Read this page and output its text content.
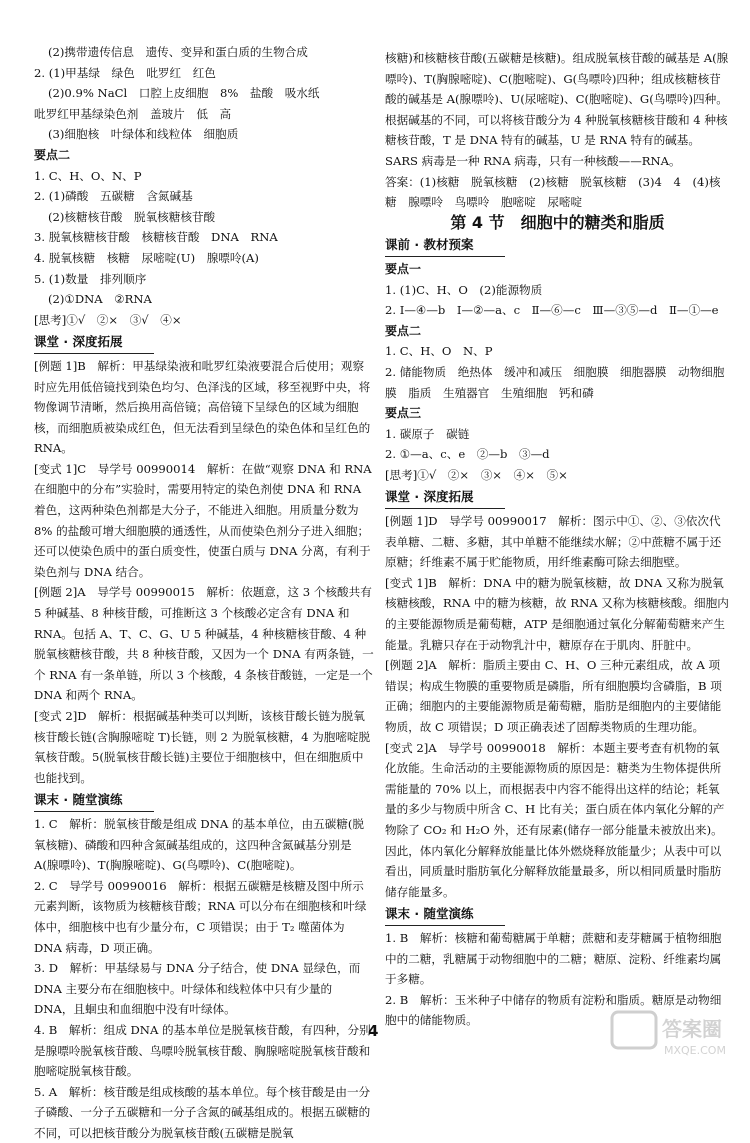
(2)携带遗传信息　遗传、变异和蛋白质的生物合成

2. (1)甲基绿　绿色　吡罗红　红色

(2)0.9% NaCl　口腔上皮细胞　8%　盐酸　吸水纸

吡罗红甲基绿染色剂　盖玻片　低　高

(3)细胞核　叶绿体和线粒体　细胞质

要点二

1. C、H、O、N、P

2. (1)磷酸　五碳糖　含氮碱基

(2)核糖核苷酸　脱氧核糖核苷酸

3. 脱氧核糖核苷酸　核糖核苷酸　DNA　RNA

4. 脱氧核糖　核糖　尿嘧啶(U)　腺嘌呤(A)

5. (1)数量　排列顺序

(2)①DNA　②RNA

[思考]①√　②×　③√　④×

课堂 · 深度拓展

[例题 1]B　解析：甲基绿染液和吡罗红染液要混合后使用；观察时应先用低倍镜找到染色均匀、色泽浅的区域，移至视野中央，将物像调节清晰，然后换用高倍镜；高倍镜下呈绿色的区域为细胞核，而细胞质被染成红色，但无法看到呈绿色的染色体和呈红色的RNA。

[变式 1]C　导学号 00990014　解析：在做“观察 DNA 和 RNA 在细胞中的分布”实验时，需要用特定的染色剂使 DNA 和 RNA 着色，这两种染色剂都是大分子，不能进入细胞。用质量分数为 8% 的盐酸可增大细胞膜的通透性，从而使染色剂分子进入细胞；还可以使染色质中的蛋白质变性，使蛋白质与 DNA 分离，有利于染色剂与 DNA 结合。

[例题 2]A　导学号 00990015　解析：依题意，这 3 个核酸共有 5 种碱基、8 种核苷酸，可推断这 3 个核酸必定含有 DNA 和 RNA。包括 A、T、C、G、U 5 种碱基，4 种核糖核苷酸、4 种脱氧核糖核苷酸，共 8 种核苷酸，又因为一个 DNA 有两条链，一个 RNA 有一条单链，所以 3 个核酸，4 条核苷酸链，一定是一个 DNA 和两个 RNA。

[变式 2]D　解析：根据碱基种类可以判断，该核苷酸长链为脱氧核苷酸长链(含胸腺嘧啶 T)长链，则 2 为脱氧核糖，4 为胞嘧啶脱氧核苷酸。5(脱氧核苷酸长链)主要位于细胞核中，但在细胞质中也能找到。

课末 · 随堂演练

1. C　解析：脱氧核苷酸是组成 DNA 的基本单位，由五碳糖(脱氧核糖)、磷酸和四种含氮碱基组成的，这四种含氮碱基分别是 A(腺嘌呤)、T(胸腺嘧啶)、G(鸟嘌呤)、C(胞嘧啶)。

2. C　导学号 00990016　解析：根据五碳糖是核糖及图中所示元素判断，该物质为核糖核苷酸；RNA 可以分布在细胞核和叶绿体中，细胞核中也有少量分布，C 项错误；由于 T₂ 噬菌体为 DNA 病毒，D 项正确。

3. D　解析：甲基绿易与 DNA 分子结合，使 DNA 显绿色，而 DNA 主要分布在细胞核中。叶绿体和线粒体中只有少量的 DNA，且蛔虫和血细胞中没有叶绿体。

4. B　解析：组成 DNA 的基本单位是脱氧核苷酸，有四种，分别是腺嘌呤脱氧核苷酸、鸟嘌呤脱氧核苷酸、胸腺嘧啶脱氧核苷酸和胞嘧啶脱氧核苷酸。

5. A　解析：核苷酸是组成核酸的基本单位。每个核苷酸是由一分子磷酸、一分子五碳糖和一分子含氮的碱基组成的。根据五碳糖的不同，可以把核苷酸分为脱氧核苷酸(五碳糖是脱氧

核糖)和核糖核苷酸(五碳糖是核糖)。组成脱氧核苷酸的碱基是 A(腺嘌呤)、T(胸腺嘧啶)、C(胞嘧啶)、G(鸟嘌呤)四种；组成核糖核苷酸的碱基是 A(腺嘌呤)、U(尿嘧啶)、C(胞嘧啶)、G(鸟嘌呤)四种。根据碱基的不同，可以将核苷酸分为 4 种脱氧核糖核苷酸和 4 种核糖核苷酸，T 是 DNA 特有的碱基，U 是 RNA 特有的碱基。SARS 病毒是一种 RNA 病毒，只有一种核酸——RNA。

答案：(1)核糖　脱氧核糖　(2)核糖　脱氧核糖　(3)4　4　(4)核糖　腺嘌呤　鸟嘌呤　胞嘧啶　尿嘧啶

第 4 节　细胞中的糖类和脂质

课前 · 教材预案

要点一

1. (1)C、H、O　(2)能源物质

2. Ⅰ—④—b　Ⅰ—②—a、c　Ⅱ—⑥—c　Ⅲ—③⑤—d　Ⅱ—①—e

要点二

1. C、H、O　N、P

2. 储能物质　绝热体　缓冲和减压　细胞膜　细胞器膜　动物细胞膜　脂质　生殖器官　生殖细胞　钙和磷

要点三

1. 碳原子　碳链

2. ①—a、c、e　②—b　③—d

[思考]①√　②×　③×　④×　⑤×

课堂 · 深度拓展

[例题 1]D　导学号 00990017　解析：图示中①、②、③依次代表单糖、二糖、多糖，其中单糖不能继续水解；②中蔗糖不属于还原糖；纤维素不属于贮能物质，用纤维素酶可除去细胞壁。

[变式 1]B　解析：DNA 中的糖为脱氧核糖，故 DNA 又称为脱氧核糖核酸，RNA 中的糖为核糖，故 RNA 又称为核糖核酸。细胞内的主要能源物质是葡萄糖，ATP 是细胞通过氧化分解葡萄糖来产生能量。乳糖只存在于动物乳汁中，糖原存在于肌肉、肝脏中。

[例题 2]A　解析：脂质主要由 C、H、O 三种元素组成，故 A 项错误；构成生物膜的重要物质是磷脂，所有细胞膜均含磷脂，B 项正确；细胞内的主要能源物质是葡萄糖，脂肪是细胞内的主要储能物质，故 C 项错误；D 项正确表述了固醇类物质的生理功能。

[变式 2]A　导学号 00990018　解析：本题主要考查有机物的氧化放能。生命活动的主要能源物质的原因是：糖类为生物体提供所需能量的 70% 以上，而根据表中内容不能得出这样的结论；耗氧量的多少与物质中所含 C、H 比有关；蛋白质在体内氧化分解的产物除了 CO₂ 和 H₂O 外，还有尿素(储存一部分能量未被放出来)。因此，体内氧化分解释放能量比体外燃烧释放能量少；从表中可以看出，同质量时脂肪氧化分解释放能量最多，所以相同质量时脂肪储存能量多。

课末 · 随堂演练

1. B　解析：核糖和葡萄糖属于单糖；蔗糖和麦芽糖属于植物细胞中的二糖，乳糖属于动物细胞中的二糖；糖原、淀粉、纤维素均属于多糖。

2. B　解析：玉米种子中储存的物质有淀粉和脂质。糖原是动物细胞中的储能物质。

4	答案圈
MXQE.COM
